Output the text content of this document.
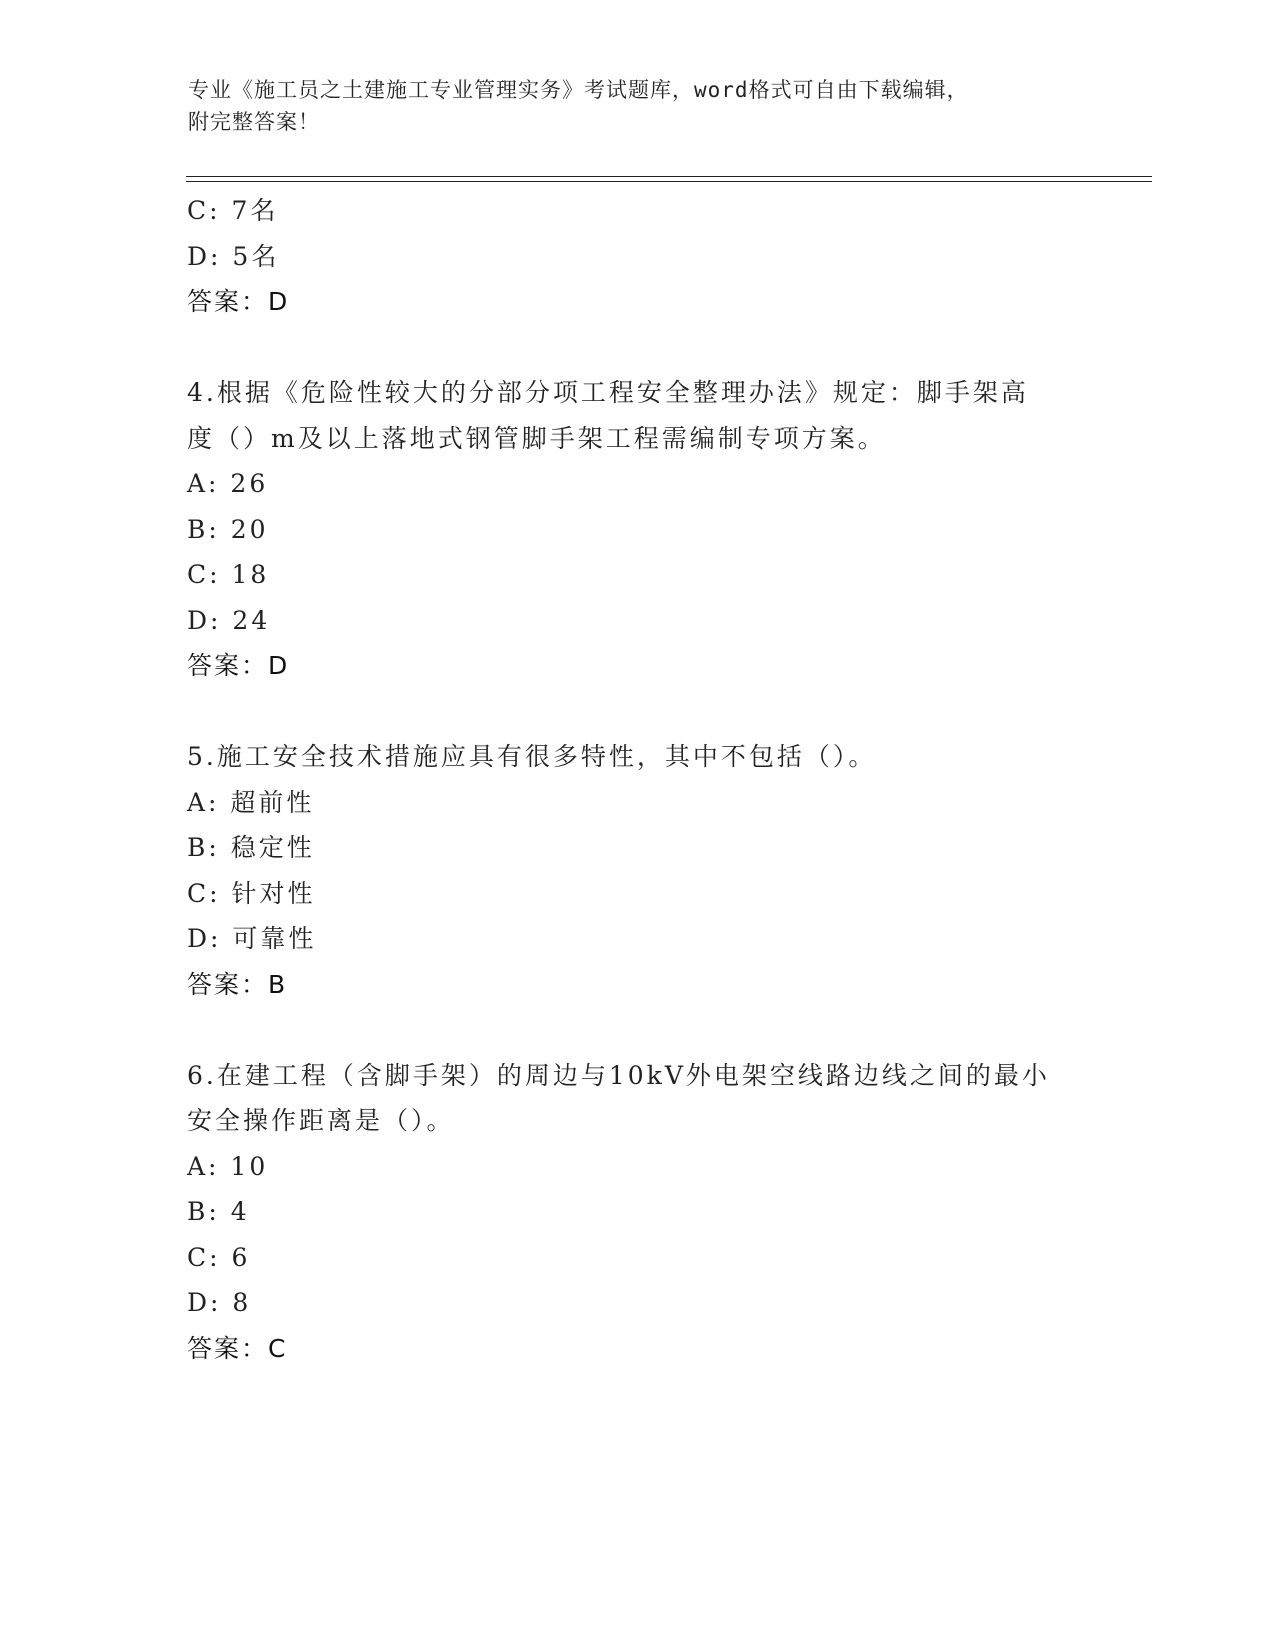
专业《施工员之土建施工专业管理实务》考试题库，word格式可自由下载编辑，
附完整答案！
C: 7名
D: 5名
答案：D
4.根据《危险性较大的分部分项工程安全整理办法》规定：脚手架高
度（）m及以上落地式钢管脚手架工程需编制专项方案。
A: 26
B: 20
C: 18
D: 24
答案：D
5.施工安全技术措施应具有很多特性，其中不包括（）。
A: 超前性
B: 稳定性
C: 针对性
D: 可靠性
答案：B
6.在建工程（含脚手架）的周边与10kV外电架空线路边线之间的最小
安全操作距离是（）。
A: 10
B: 4
C: 6
D: 8
答案：C
